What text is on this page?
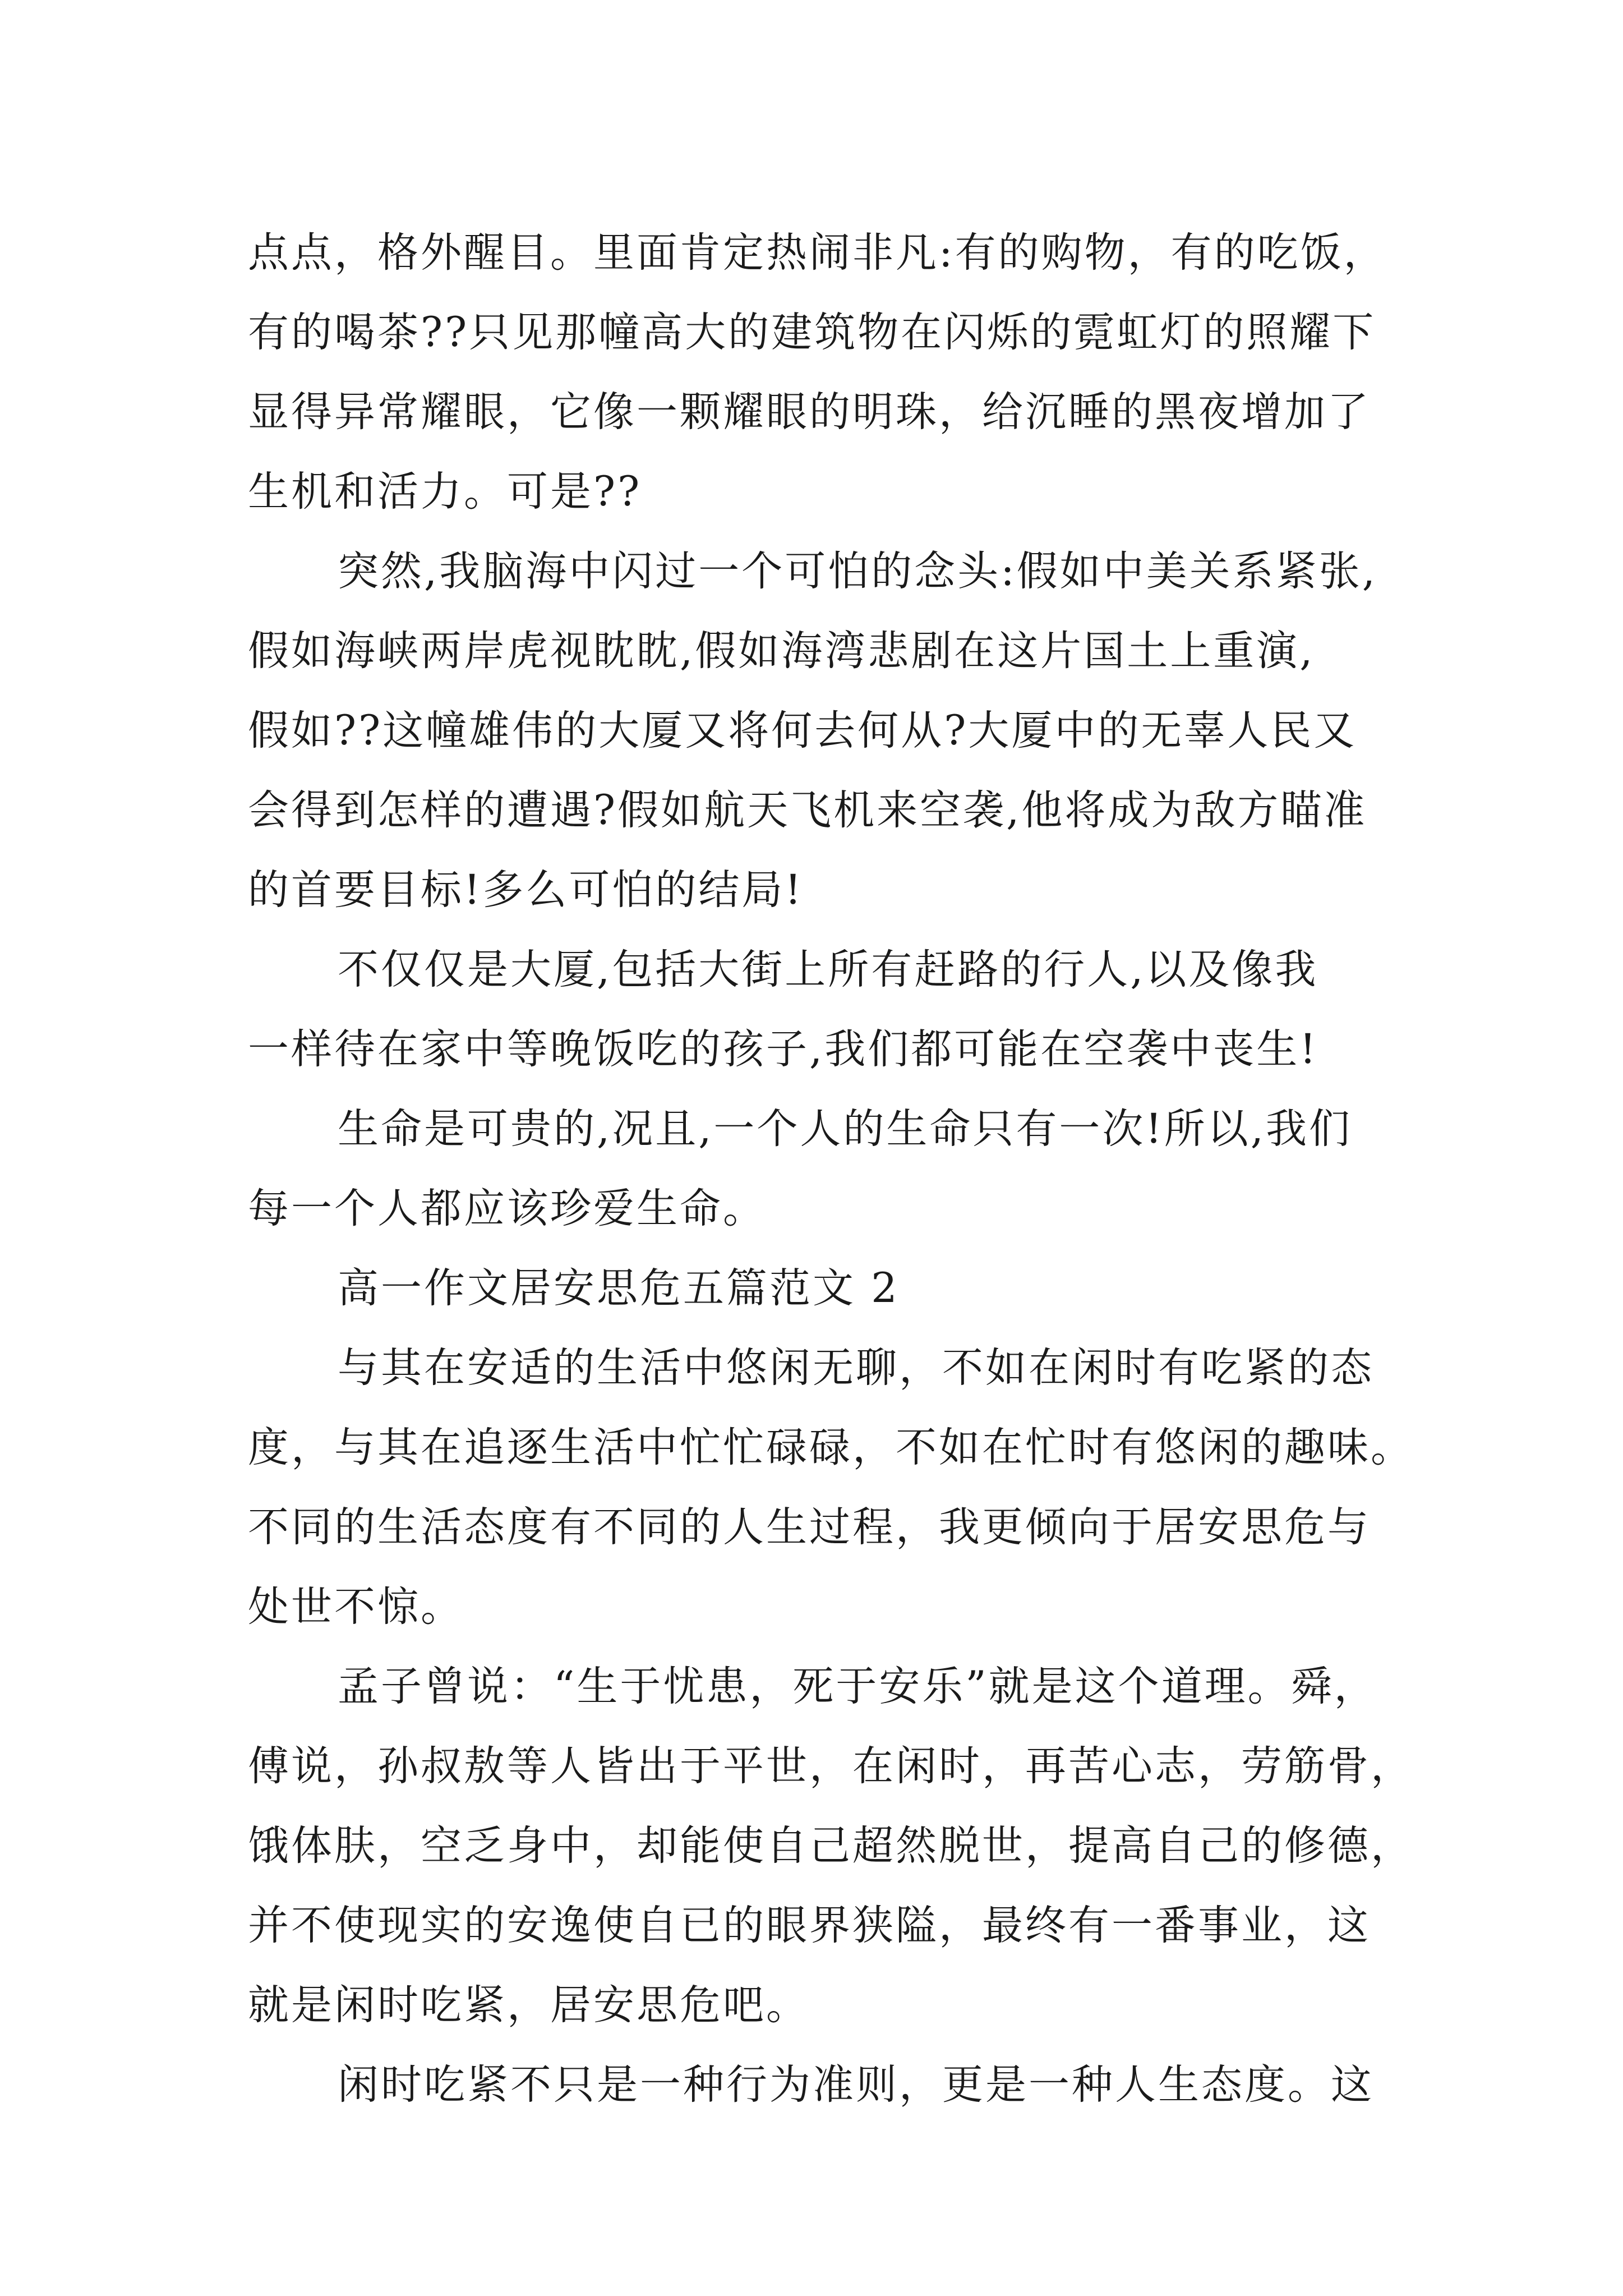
点点，格外醒目。里面肯定热闹非凡:有的购物，有的吃饭，
有的喝茶??只见那幢高大的建筑物在闪烁的霓虹灯的照耀下
显得异常耀眼，它像一颗耀眼的明珠，给沉睡的黑夜增加了
生机和活力。可是??
突然,我脑海中闪过一个可怕的念头:假如中美关系紧张,
假如海峡两岸虎视眈眈,假如海湾悲剧在这片国土上重演,
假如??这幢雄伟的大厦又将何去何从?大厦中的无辜人民又
会得到怎样的遭遇?假如航天飞机来空袭,他将成为敌方瞄准
的首要目标!多么可怕的结局!
不仅仅是大厦,包括大街上所有赶路的行人,以及像我
一样待在家中等晚饭吃的孩子,我们都可能在空袭中丧生!
生命是可贵的,况且,一个人的生命只有一次!所以,我们
每一个人都应该珍爱生命。
高一作文居安思危五篇范文 2
与其在安适的生活中悠闲无聊，不如在闲时有吃紧的态
度，与其在追逐生活中忙忙碌碌，不如在忙时有悠闲的趣味。
不同的生活态度有不同的人生过程，我更倾向于居安思危与
处世不惊。
孟子曾说：“生于忧患，死于安乐”就是这个道理。舜，
傅说，孙叔敖等人皆出于平世，在闲时，再苦心志，劳筋骨，
饿体肤，空乏身中，却能使自己超然脱世，提高自己的修德，
并不使现实的安逸使自已的眼界狭隘，最终有一番事业，这
就是闲时吃紧，居安思危吧。
闲时吃紧不只是一种行为准则，更是一种人生态度。这
